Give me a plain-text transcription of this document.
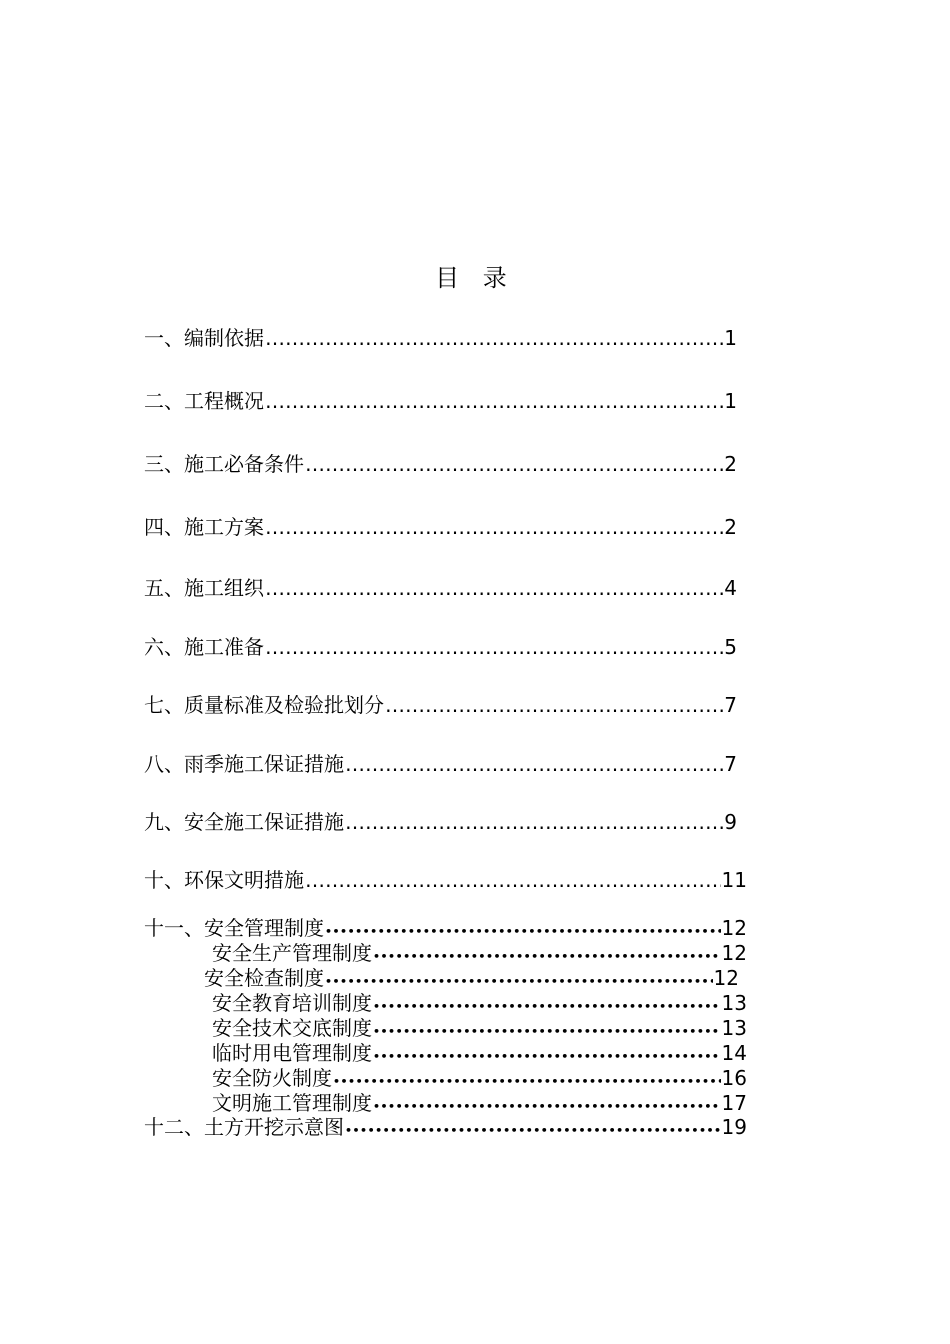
目 录
一、编制依据 ……………………………………………………………………………………………………………………………………………………	1
二、工程概况 ……………………………………………………………………………………………………………………………………………………	1
三、施工必备条件 ……………………………………………………………………………………………………………………………………………………	2
四、施工方案 ……………………………………………………………………………………………………………………………………………………	2
五、施工组织 ……………………………………………………………………………………………………………………………………………………	4
六、施工准备 ……………………………………………………………………………………………………………………………………………………	5
七、质量标准及检验批划分 ……………………………………………………………………………………………………………………………………………………	7
八、雨季施工保证措施 ……………………………………………………………………………………………………………………………………………………	7
九、安全施工保证措施 ……………………………………………………………………………………………………………………………………………………	9
十、环保文明措施 ……………………………………………………………………………………………………………………………………………………	11
十一、安全管理制度 •••••	12
安全生产管理制度 •••••	12
安全检查制度 •••••	12
安全教育培训制度 •••••	13
安全技术交底制度 •••••	13
临时用电管理制度 •••••	14
安全防火制度 •••••	16
文明施工管理制度 •••••	17
十二、土方开挖示意图 •••••	19
